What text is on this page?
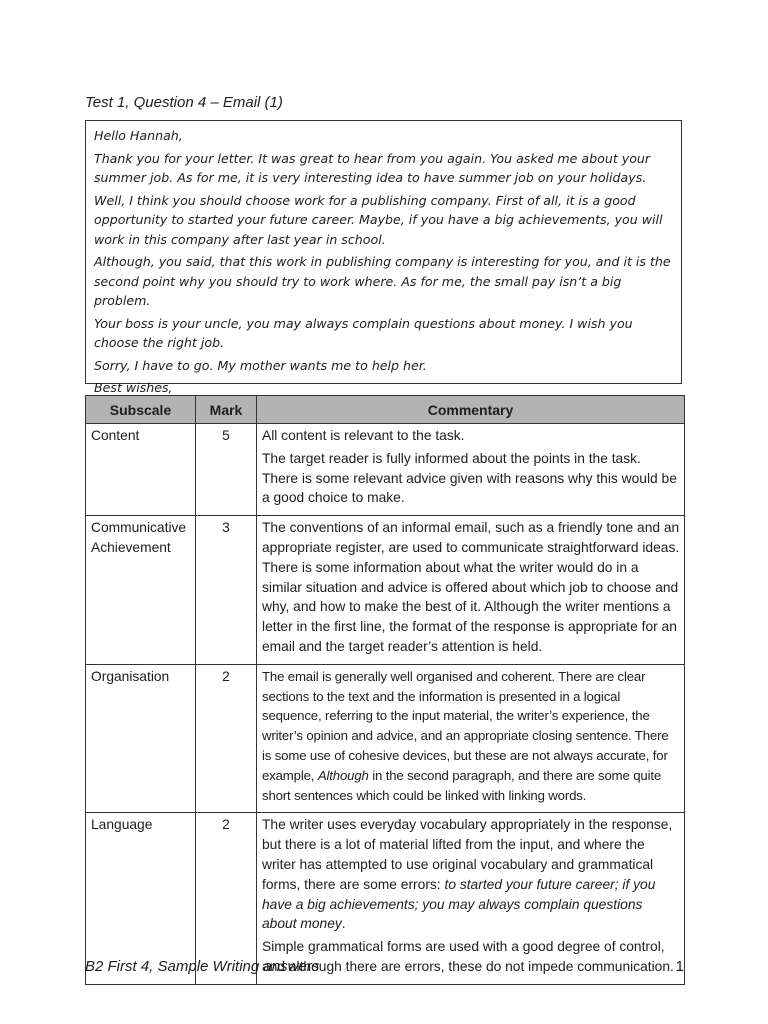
Test 1, Question 4 – Email (1)

Hello Hannah,

Thank you for your letter. It was great to hear from you again. You asked me about your summer job. As for me, it is very interesting idea to have summer job on your holidays.

Well, I think you should choose work for a publishing company. First of all, it is a good opportunity to started your future career. Maybe, if you have a big achievements, you will work in this company after last year in school.

Although, you said, that this work in publishing company is interesting for you, and it is the second point why you should try to work where. As for me, the small pay isn’t a big problem.

Your boss is your uncle, you may always complain questions about money. I wish you choose the right job.

Sorry, I have to go. My mother wants me to help her.

Best wishes,

Subscale	Mark	Commentary
Content	5	All content is relevant to the task.

The target reader is fully informed about the points in the task. There is some relevant advice given with reasons why this would be a good choice to make.

Communicative Achievement	3	The conventions of an informal email, such as a friendly tone and an appropriate register, are used to communicate straightforward ideas. There is some information about what the writer would do in a similar situation and advice is offered about which job to choose and why, and how to make the best of it. Although the writer mentions a letter in the first line, the format of the response is appropriate for an email and the target reader’s attention is held.

Organisation	2	The email is generally well organised and coherent. There are clear sections to the text and the information is presented in a logical sequence, referring to the input material, the writer’s experience, the writer’s opinion and advice, and an appropriate closing sentence. There is some use of cohesive devices, but these are not always accurate, for example, Although in the second paragraph, and there are some quite short sentences which could be linked with linking words.

Language	2	The writer uses everyday vocabulary appropriately in the response, but there is a lot of material lifted from the input, and where the writer has attempted to use original vocabulary and grammatical forms, there are some errors: to started your future career; if you have a big achievements; you may always complain questions about money.

Simple grammatical forms are used with a good degree of control, and although there are errors, these do not impede communication.

B2 First 4, Sample Writing answers	1
